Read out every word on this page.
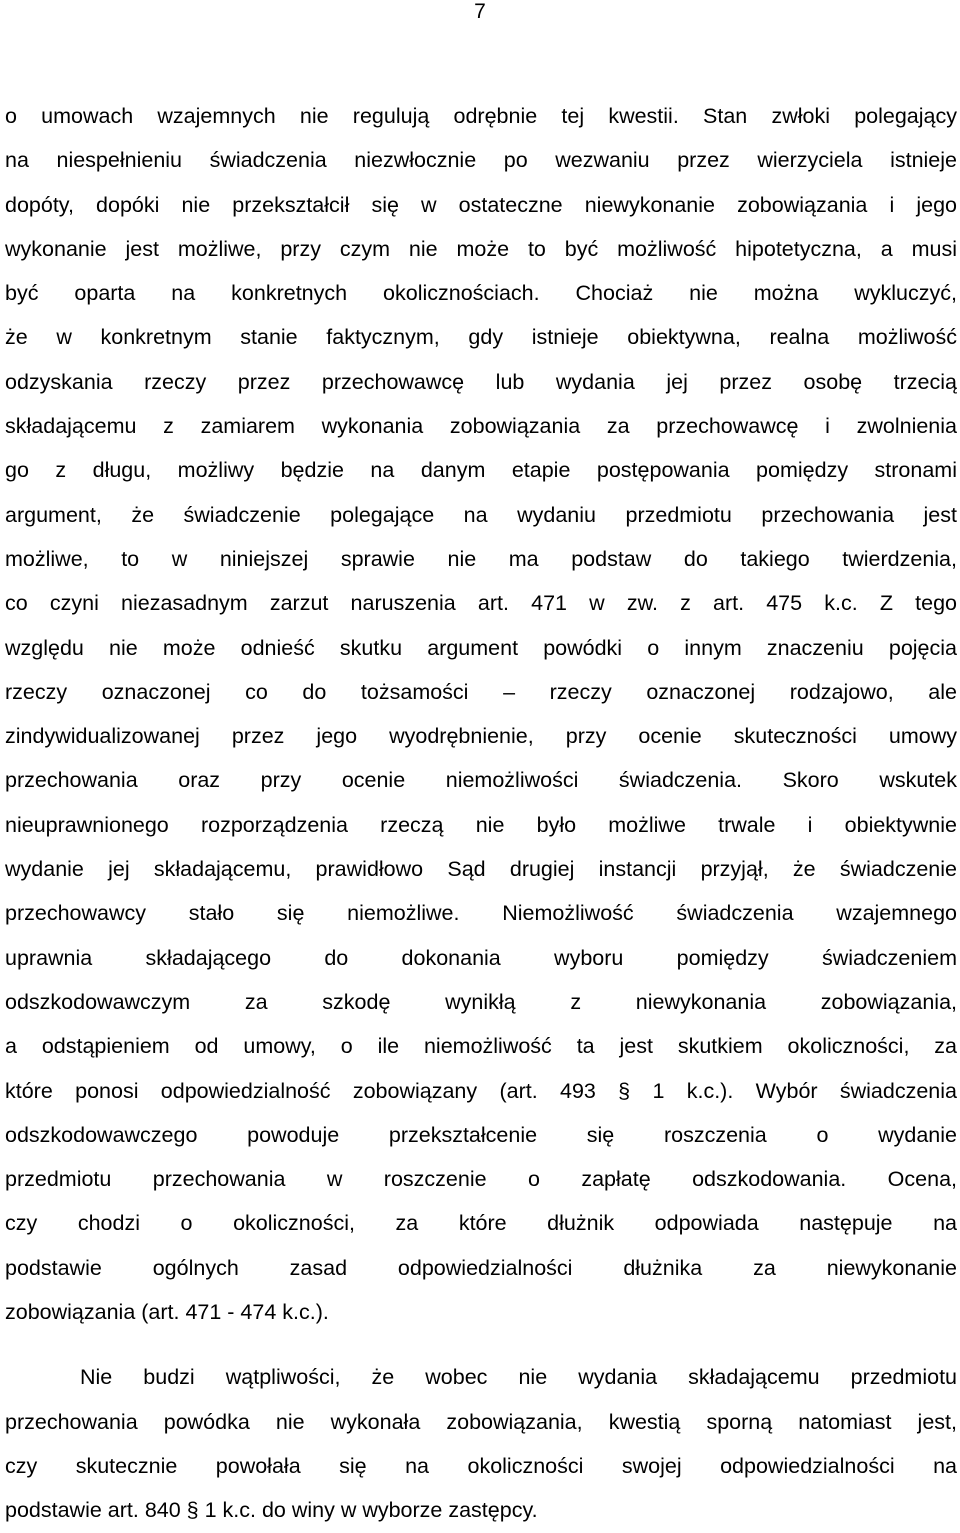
7
o umowach wzajemnych nie regulują odrębnie tej kwestii. Stan zwłoki polegający
na niespełnieniu świadczenia niezwłocznie po wezwaniu przez wierzyciela istnieje
dopóty, dopóki nie przekształcił się w ostateczne niewykonanie zobowiązania i jego
wykonanie jest możliwe, przy czym nie może to być możliwość hipotetyczna, a musi
być oparta na konkretnych okolicznościach. Chociaż nie można wykluczyć,
że w konkretnym stanie faktycznym, gdy istnieje obiektywna, realna możliwość
odzyskania rzeczy przez przechowawcę lub wydania jej przez osobę trzecią
składającemu z zamiarem wykonania zobowiązania za przechowawcę i zwolnienia
go z długu, możliwy będzie na danym etapie postępowania pomiędzy stronami
argument, że świadczenie polegające na wydaniu przedmiotu przechowania jest
możliwe, to w niniejszej sprawie nie ma podstaw do takiego twierdzenia,
co czyni niezasadnym zarzut naruszenia art. 471 w zw. z art. 475 k.c. Z tego
względu nie może odnieść skutku argument powódki o innym znaczeniu pojęcia
rzeczy oznaczonej co do tożsamości – rzeczy oznaczonej rodzajowo, ale
zindywidualizowanej przez jego wyodrębnienie, przy ocenie skuteczności umowy
przechowania oraz przy ocenie niemożliwości świadczenia. Skoro wskutek
nieuprawnionego rozporządzenia rzeczą nie było możliwe trwale i obiektywnie
wydanie jej składającemu, prawidłowo Sąd drugiej instancji przyjął, że świadczenie
przechowawcy stało się niemożliwe. Niemożliwość świadczenia wzajemnego
uprawnia składającego do dokonania wyboru pomiędzy świadczeniem
odszkodowawczym za szkodę wynikłą z niewykonania zobowiązania,
a odstąpieniem od umowy, o ile niemożliwość ta jest skutkiem okoliczności, za
które ponosi odpowiedzialność zobowiązany (art. 493 § 1 k.c.). Wybór świadczenia
odszkodowawczego powoduje przekształcenie się roszczenia o wydanie
przedmiotu przechowania w roszczenie o zapłatę odszkodowania. Ocena,
czy chodzi o okoliczności, za które dłużnik odpowiada następuje na
podstawie ogólnych zasad odpowiedzialności dłużnika za niewykonanie
zobowiązania (art. 471 - 474 k.c.).
Nie budzi wątpliwości, że wobec nie wydania składającemu przedmiotu
przechowania powódka nie wykonała zobowiązania, kwestią sporną natomiast jest,
czy skutecznie powołała się na okoliczności swojej odpowiedzialności na
podstawie art. 840 § 1 k.c. do winy w wyborze zastępcy.
